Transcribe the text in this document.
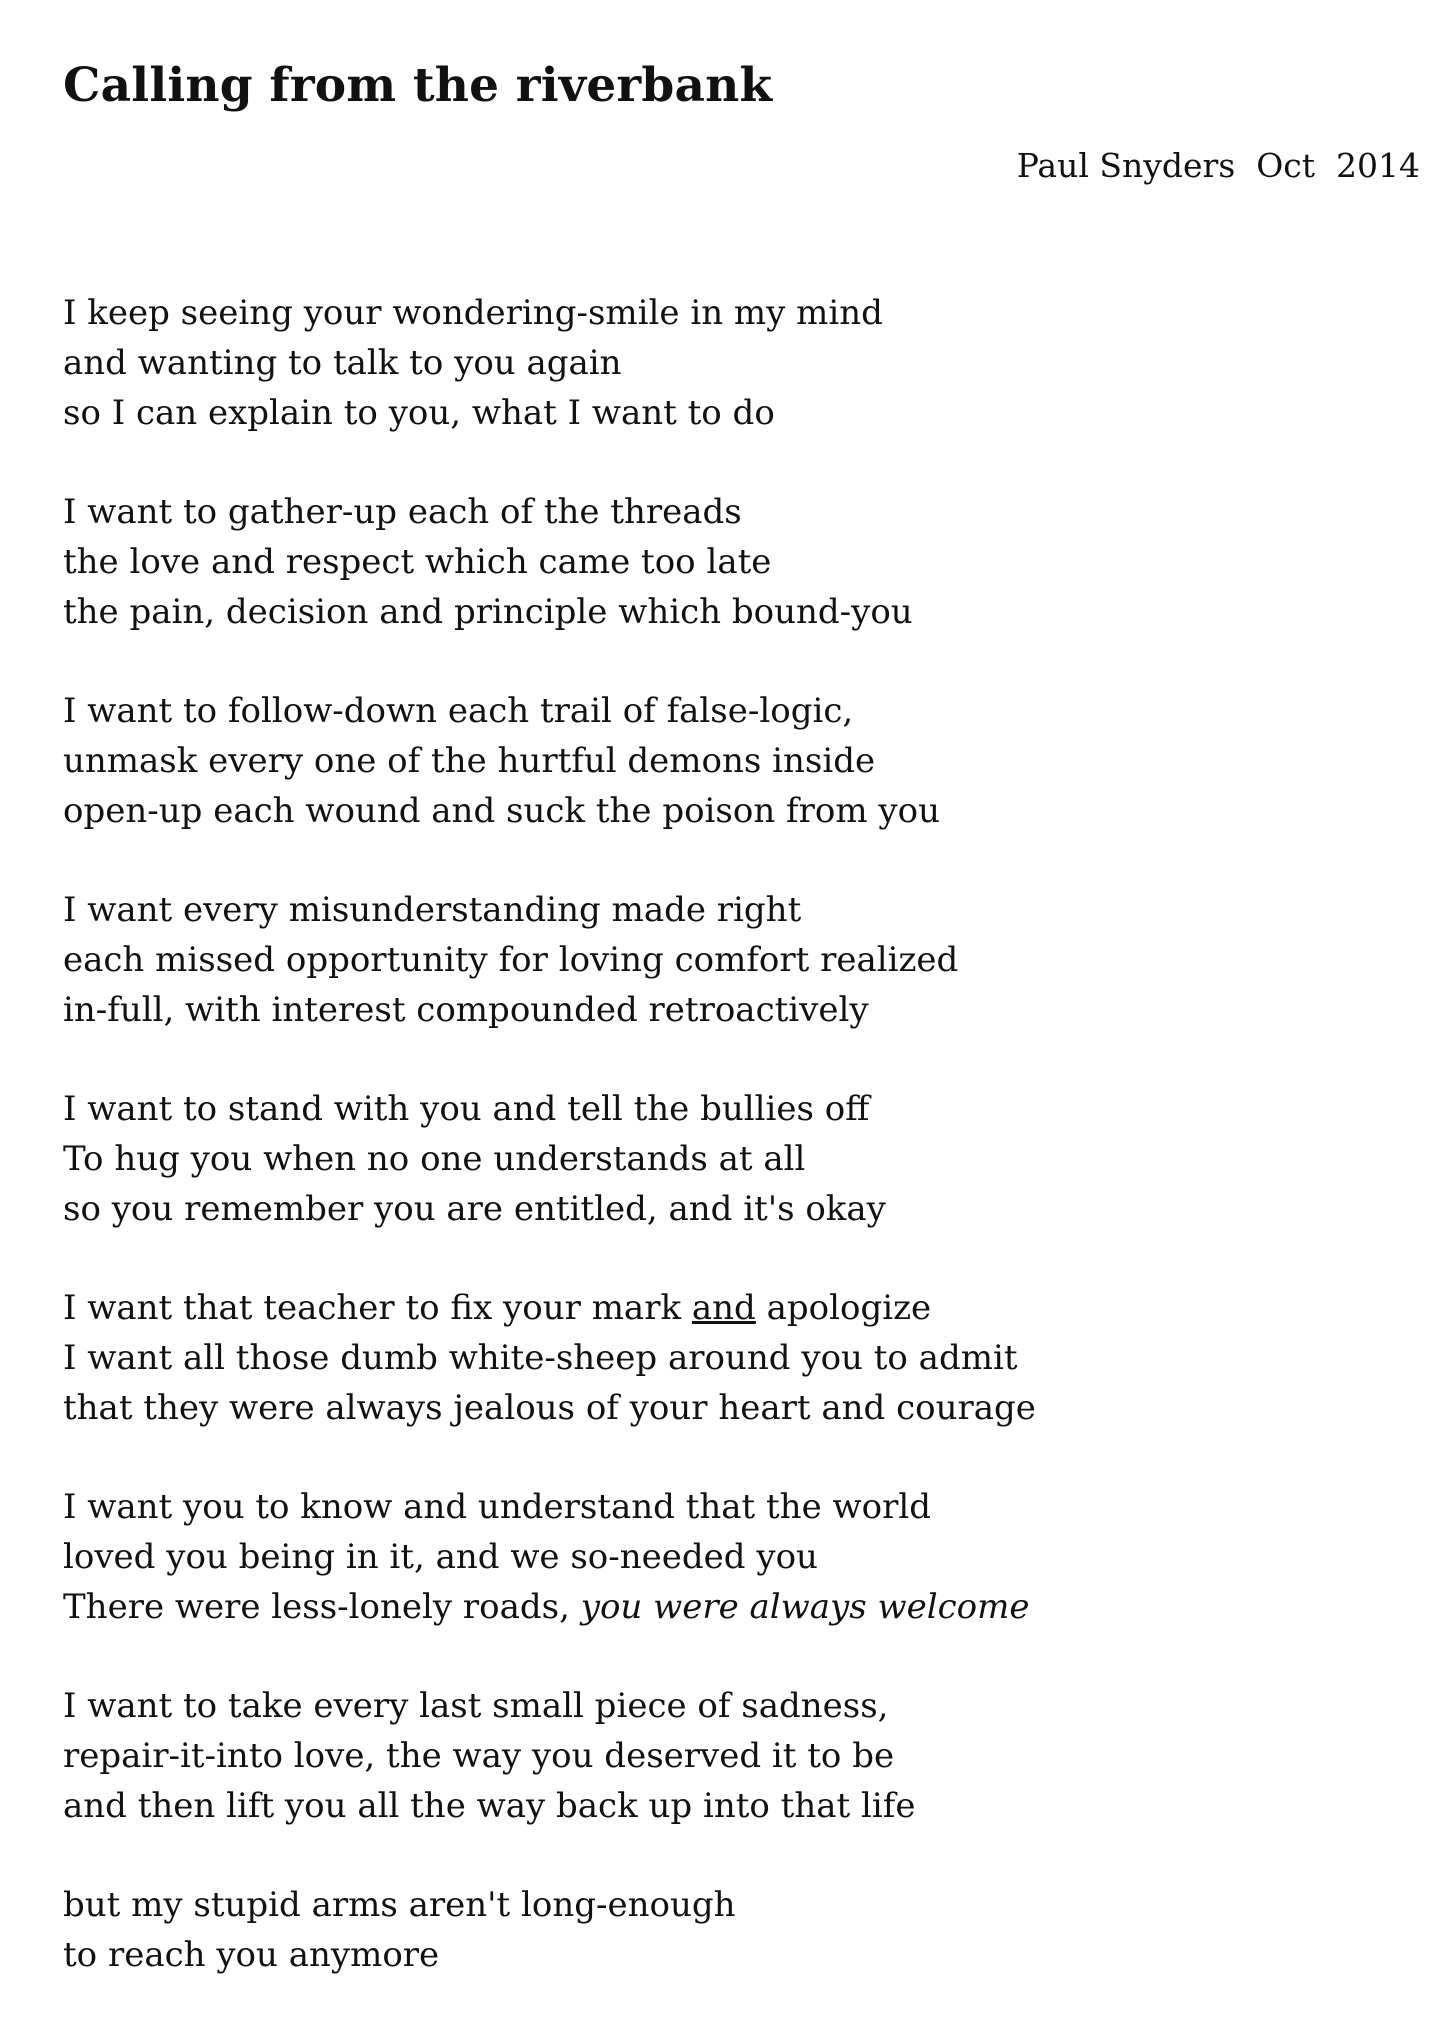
Calling from the riverbank

Paul Snyders  Oct  2014

I keep seeing your wondering-smile in my mind
and wanting to talk to you again
so I can explain to you, what I want to do
I want to gather-up each of the threads
the love and respect which came too late
the pain, decision and principle which bound-you
I want to follow-down each trail of false-logic,
unmask every one of the hurtful demons inside
open-up each wound and suck the poison from you
I want every misunderstanding made right
each missed opportunity for loving comfort realized
in-full, with interest compounded retroactively
I want to stand with you and tell the bullies off
To hug you when no one understands at all
so you remember you are entitled, and it's okay
I want that teacher to fix your mark and apologize
I want all those dumb white-sheep around you to admit
that they were always jealous of your heart and courage
I want you to know and understand that the world
loved you being in it, and we so-needed you
There were less-lonely roads, you were always welcome
I want to take every last small piece of sadness,
repair-it-into love, the way you deserved it to be
and then lift you all the way back up into that life
but my stupid arms aren't long-enough
to reach you anymore
